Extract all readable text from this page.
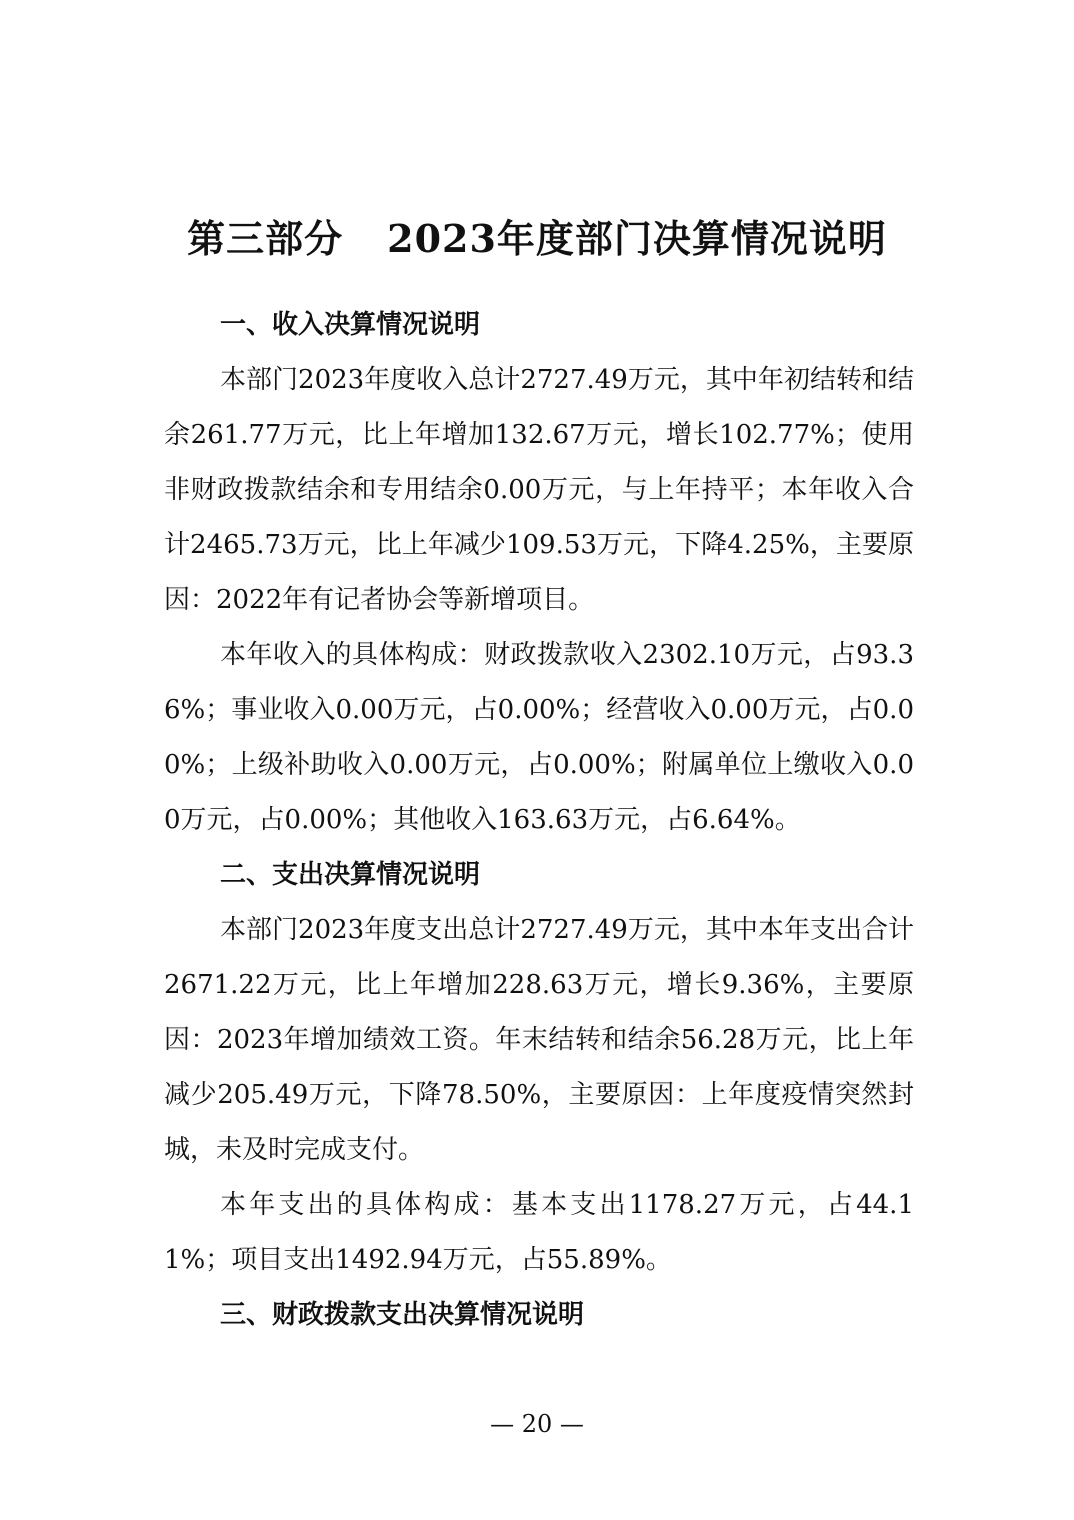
第三部分 2023年度部门决算情况说明

一、收入决算情况说明

本部门2023年度收入总计2727.49万元，其中年初结转和结余261.77万元，比上年增加132.67万元，增长102.77%；使用非财政拨款结余和专用结余0.00万元，与上年持平；本年收入合计2465.73万元，比上年减少109.53万元，下降4.25%，主要原因：2022年有记者协会等新增项目。

本年收入的具体构成：财政拨款收入2302.10万元，占93.36%；事业收入0.00万元，占0.00%；经营收入0.00万元，占0.00%；上级补助收入0.00万元，占0.00%；附属单位上缴收入0.00万元，占0.00%；其他收入163.63万元，占6.64%。

二、支出决算情况说明

本部门2023年度支出总计2727.49万元，其中本年支出合计2671.22万元，比上年增加228.63万元，增长9.36%，主要原因：2023年增加绩效工资。年末结转和结余56.28万元，比上年减少205.49万元，下降78.50%，主要原因：上年度疫情突然封城，未及时完成支付。

本年支出的具体构成：基本支出1178.27万元，占44.11%；项目支出1492.94万元，占55.89%。

三、财政拨款支出决算情况说明

— 20 —
